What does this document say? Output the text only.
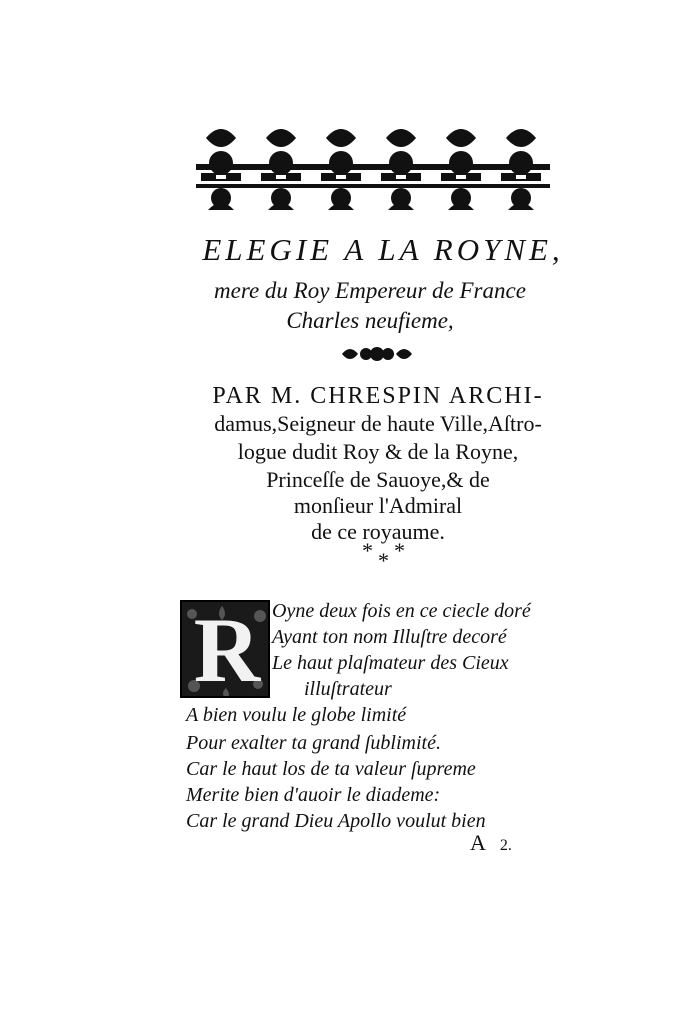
ELEGIE A LA ROYNE,
mere du Roy Empereur de France
Charles neufieme,
PAR M. CHRESPIN ARCHI-
damus,Seigneur de haute Ville,Aſtro-
logue dudit Roy & de la Royne,
Princeſſe de Sauoye,& de
monſieur l'Admiral
de ce royaume.
* * *
R Oyne deux fois en ce ciecle doré
Ayant ton nom Illuſtre decoré
Le haut plaſmateur des Cieux
illuſtrateur
A bien voulu le globe limité
Pour exalter ta grand ſublimité.
Car le haut los de ta valeur ſupreme
Merite bien d'auoir le diademe:
Car le grand Dieu Apollo voulut bien
A 2.
